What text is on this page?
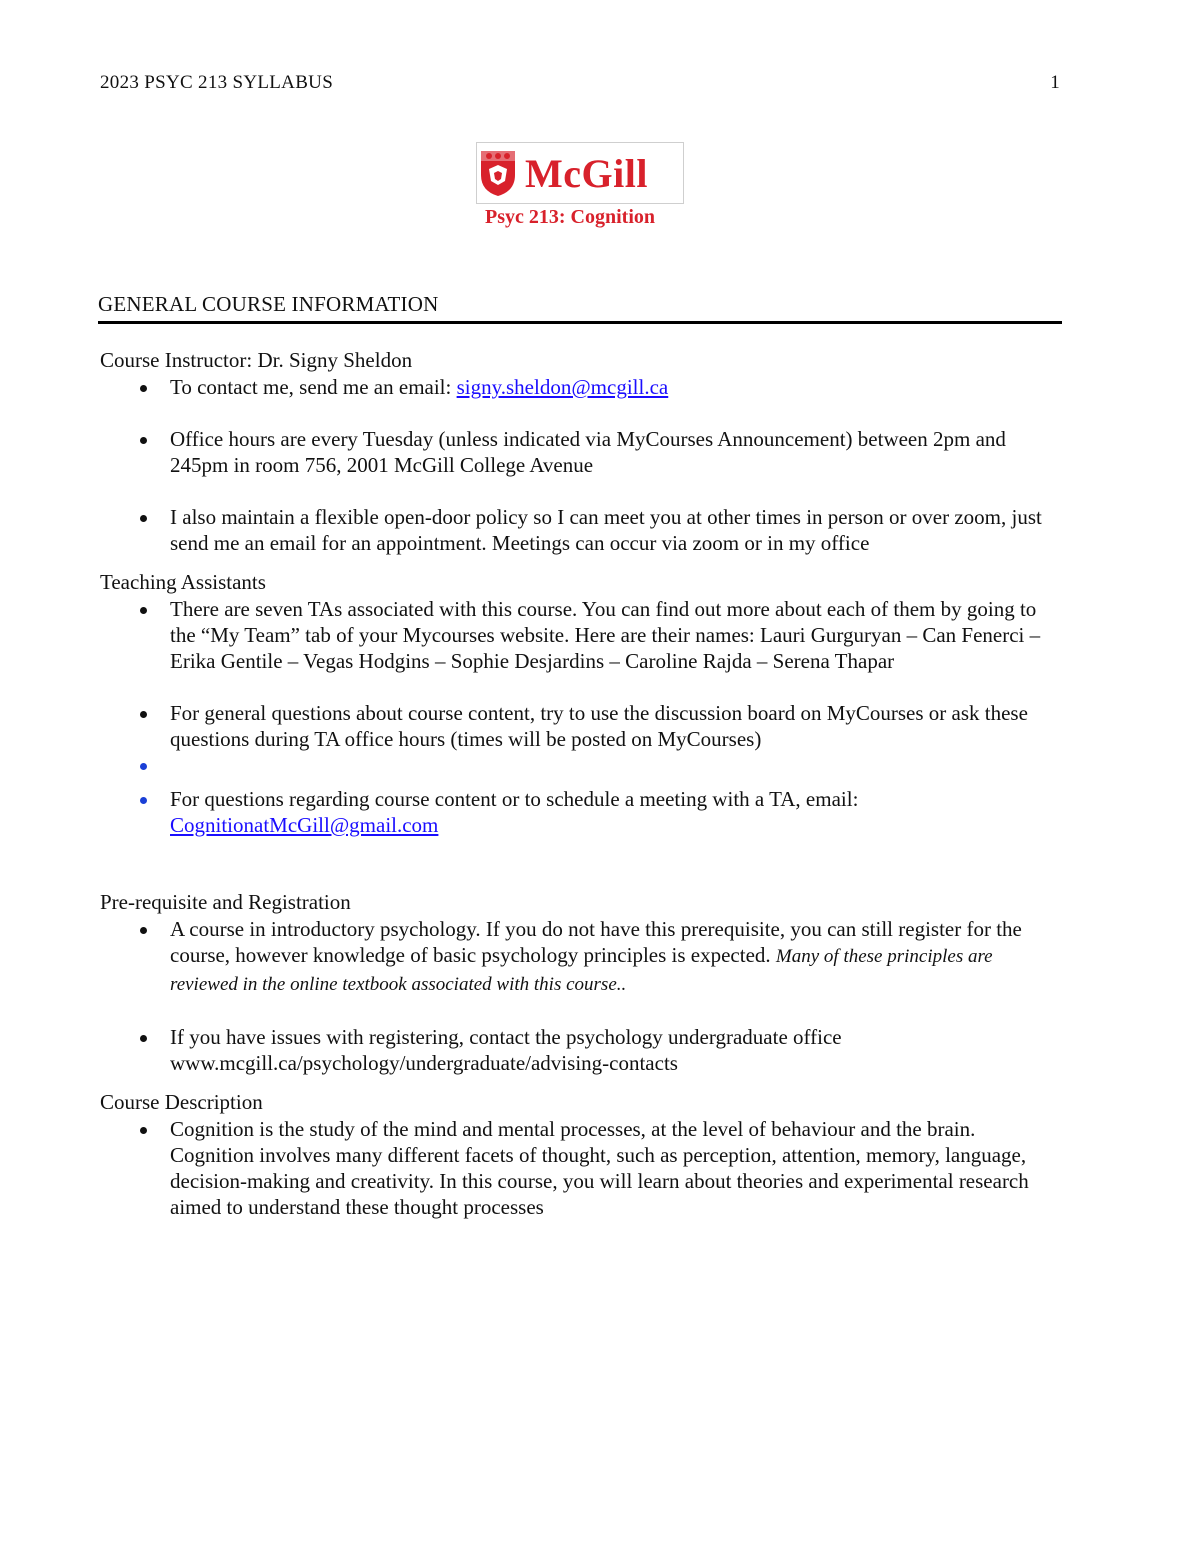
2023 PSYC 213 SYLLABUS	1
McGill
Psyc 213: Cognition
GENERAL COURSE INFORMATION

Course Instructor: Dr. Signy Sheldon

To contact me, send me an email: signy.sheldon@mcgill.ca
Office hours are every Tuesday (unless indicated via MyCourses Announcement) between 2pm and 245pm in room 756, 2001 McGill College Avenue
I also maintain a flexible open-door policy so I can meet you at other times in person or over zoom, just send me an email for an appointment. Meetings can occur via zoom or in my office

Teaching Assistants

There are seven TAs associated with this course. You can find out more about each of them by going to the “My Team” tab of your Mycourses website. Here are their names: Lauri Gurguryan – Can Fenerci – Erika Gentile – Vegas Hodgins – Sophie Desjardins – Caroline Rajda – Serena Thapar
For general questions about course content, try to use the discussion board on MyCourses or ask these questions during TA office hours (times will be posted on MyCourses)
For questions regarding course content or to schedule a meeting with a TA, email: CognitionatMcGill@gmail.com

Pre-requisite and Registration

A course in introductory psychology. If you do not have this prerequisite, you can still register for the course, however knowledge of basic psychology principles is expected. Many of these principles are reviewed in the online textbook associated with this course..
If you have issues with registering, contact the psychology undergraduate office www.mcgill.ca/psychology/undergraduate/advising-contacts

Course Description

Cognition is the study of the mind and mental processes, at the level of behaviour and the brain. Cognition involves many different facets of thought, such as perception, attention, memory, language, decision-making and creativity. In this course, you will learn about theories and experimental research aimed to understand these thought processes
